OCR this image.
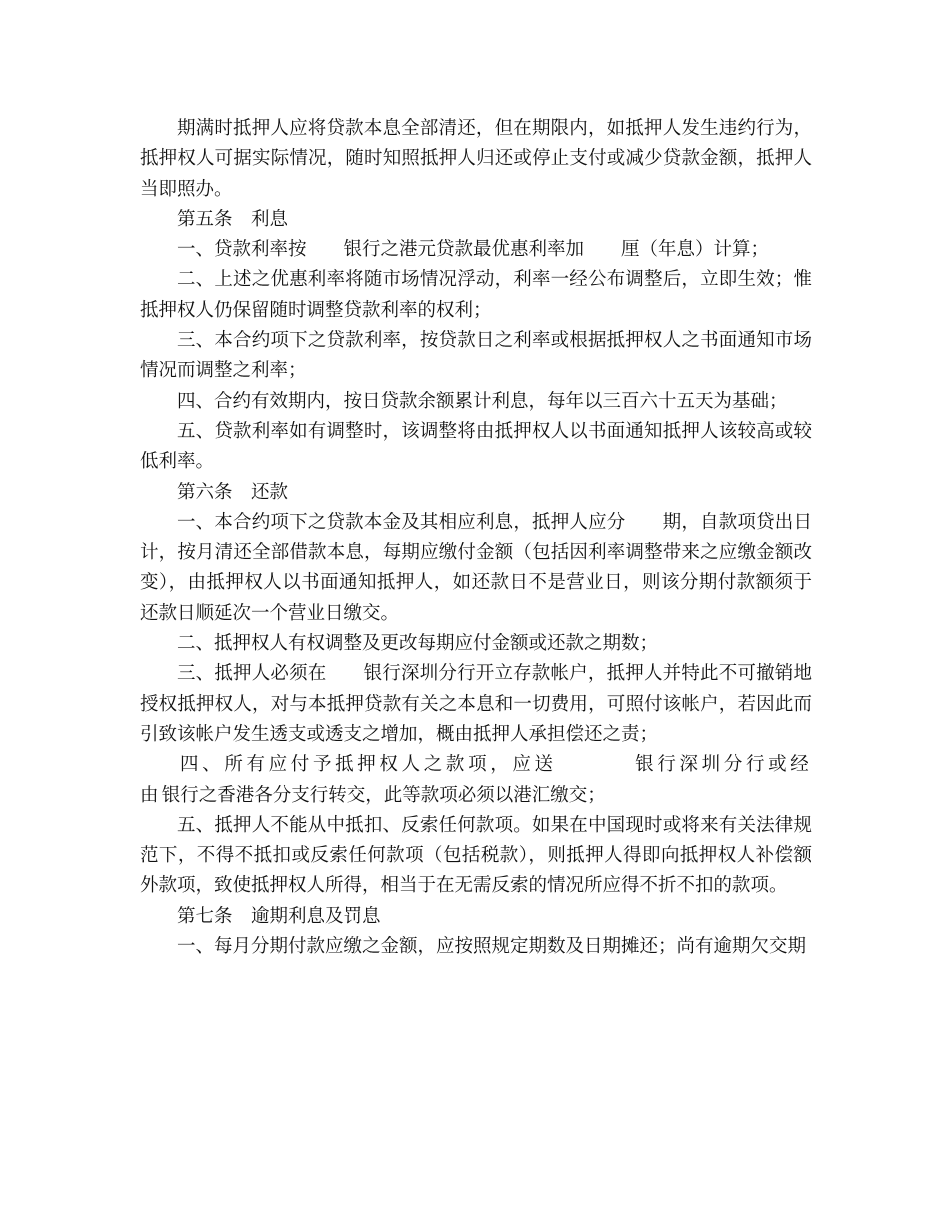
期满时抵押人应将贷款本息全部清还，但在期限内，如抵押人发生违约行为，抵押权人可据实际情况，随时知照抵押人归还或停止支付或减少贷款金额，抵押人当即照办。

第五条　利息

一、贷款利率按 银行之港元贷款最优惠利率加 厘（年息）计算；

二、上述之优惠利率将随市场情况浮动，利率一经公布调整后，立即生效；惟抵押权人仍保留随时调整贷款利率的权利；

三、本合约项下之贷款利率，按贷款日之利率或根据抵押权人之书面通知市场情况而调整之利率；

四、合约有效期内，按日贷款余额累计利息，每年以三百六十五天为基础；

五、贷款利率如有调整时，该调整将由抵押权人以书面通知抵押人该较高或较低利率。

第六条　还款

一、本合约项下之贷款本金及其相应利息，抵押人应分 期，自款项贷出日计，按月清还全部借款本息，每期应缴付金额（包括因利率调整带来之应缴金额改变），由抵押权人以书面通知抵押人，如还款日不是营业日，则该分期付款额须于还款日顺延次一个营业日缴交。

二、抵押权人有权调整及更改每期应付金额或还款之期数；

三、抵押人必须在 银行深圳分行开立存款帐户，抵押人并特此不可撤销地授权抵押权人，对与本抵押贷款有关之本息和一切费用，可照付该帐户，若因此而引致该帐户发生透支或透支之增加，概由抵押人承担偿还之责；

四、所有应付予抵押权人之款项，应送	银行深圳分行或经由银行之香港各分支行转交，此等款项必须以港汇缴交；

五、抵押人不能从中抵扣、反索任何款项。如果在中国现时或将来有关法律规范下，不得不抵扣或反索任何款项（包括税款），则抵押人得即向抵押权人补偿额外款项，致使抵押权人所得，相当于在无需反索的情况所应得不折不扣的款项。

第七条　逾期利息及罚息

一、每月分期付款应缴之金额，应按照规定期数及日期摊还；尚有逾期欠交期
